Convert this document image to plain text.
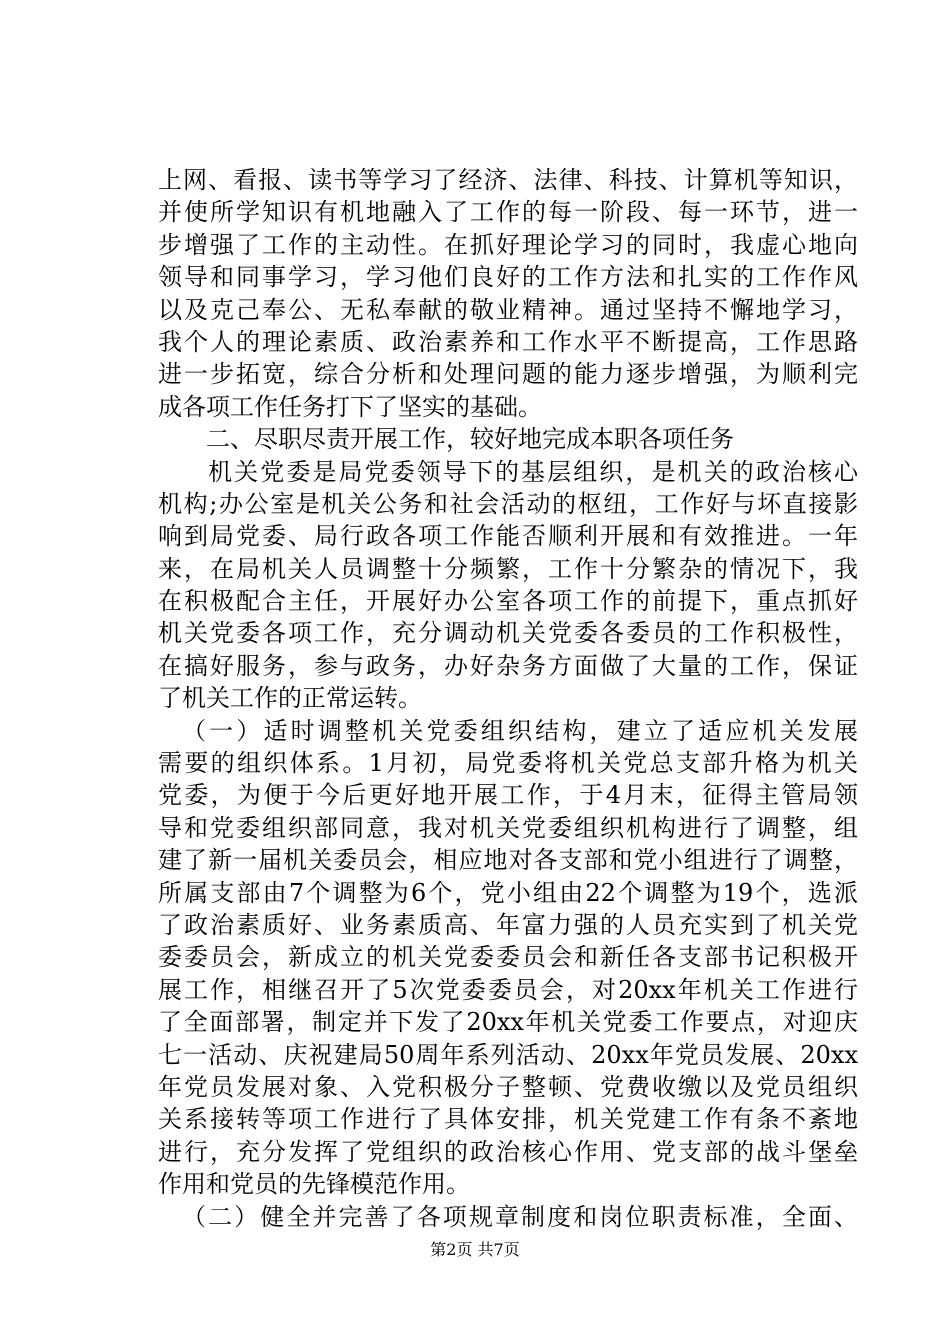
上网、看报、读书等学习了经济、法律、科技、计算机等知识，
并使所学知识有机地融入了工作的每一阶段、每一环节，进一
步增强了工作的主动性。在抓好理论学习的同时，我虚心地向
领导和同事学习，学习他们良好的工作方法和扎实的工作作风
以及克己奉公、无私奉献的敬业精神。通过坚持不懈地学习，
我个人的理论素质、政治素养和工作水平不断提高，工作思路
进一步拓宽，综合分析和处理问题的能力逐步增强，为顺利完
成各项工作任务打下了坚实的基础。
　二、尽职尽责开展工作，较好地完成本职各项任务
　机关党委是局党委领导下的基层组织，是机关的政治核心
机构;办公室是机关公务和社会活动的枢纽，工作好与坏直接影
响到局党委、局行政各项工作能否顺利开展和有效推进。一年
来，在局机关人员调整十分频繁，工作十分繁杂的情况下，我
在积极配合主任，开展好办公室各项工作的前提下，重点抓好
机关党委各项工作，充分调动机关党委各委员的工作积极性，
在搞好服务，参与政务，办好杂务方面做了大量的工作，保证
了机关工作的正常运转。
（一）适时调整机关党委组织结构，建立了适应机关发展
需要的组织体系。1月初，局党委将机关党总支部升格为机关
党委，为便于今后更好地开展工作，于4月末，征得主管局领
导和党委组织部同意，我对机关党委组织机构进行了调整，组
建了新一届机关委员会，相应地对各支部和党小组进行了调整，
所属支部由7个调整为6个，党小组由22个调整为19个，选派
了政治素质好、业务素质高、年富力强的人员充实到了机关党
委委员会，新成立的机关党委委员会和新任各支部书记积极开
展工作，相继召开了5次党委委员会，对20xx年机关工作进行
了全面部署，制定并下发了20xx年机关党委工作要点，对迎庆
七一活动、庆祝建局50周年系列活动、20xx年党员发展、20xx
年党员发展对象、入党积极分子整顿、党费收缴以及党员组织
关系接转等项工作进行了具体安排，机关党建工作有条不紊地
进行，充分发挥了党组织的政治核心作用、党支部的战斗堡垒
作用和党员的先锋模范作用。
（二）健全并完善了各项规章制度和岗位职责标准，全面、
第2页 共7页
